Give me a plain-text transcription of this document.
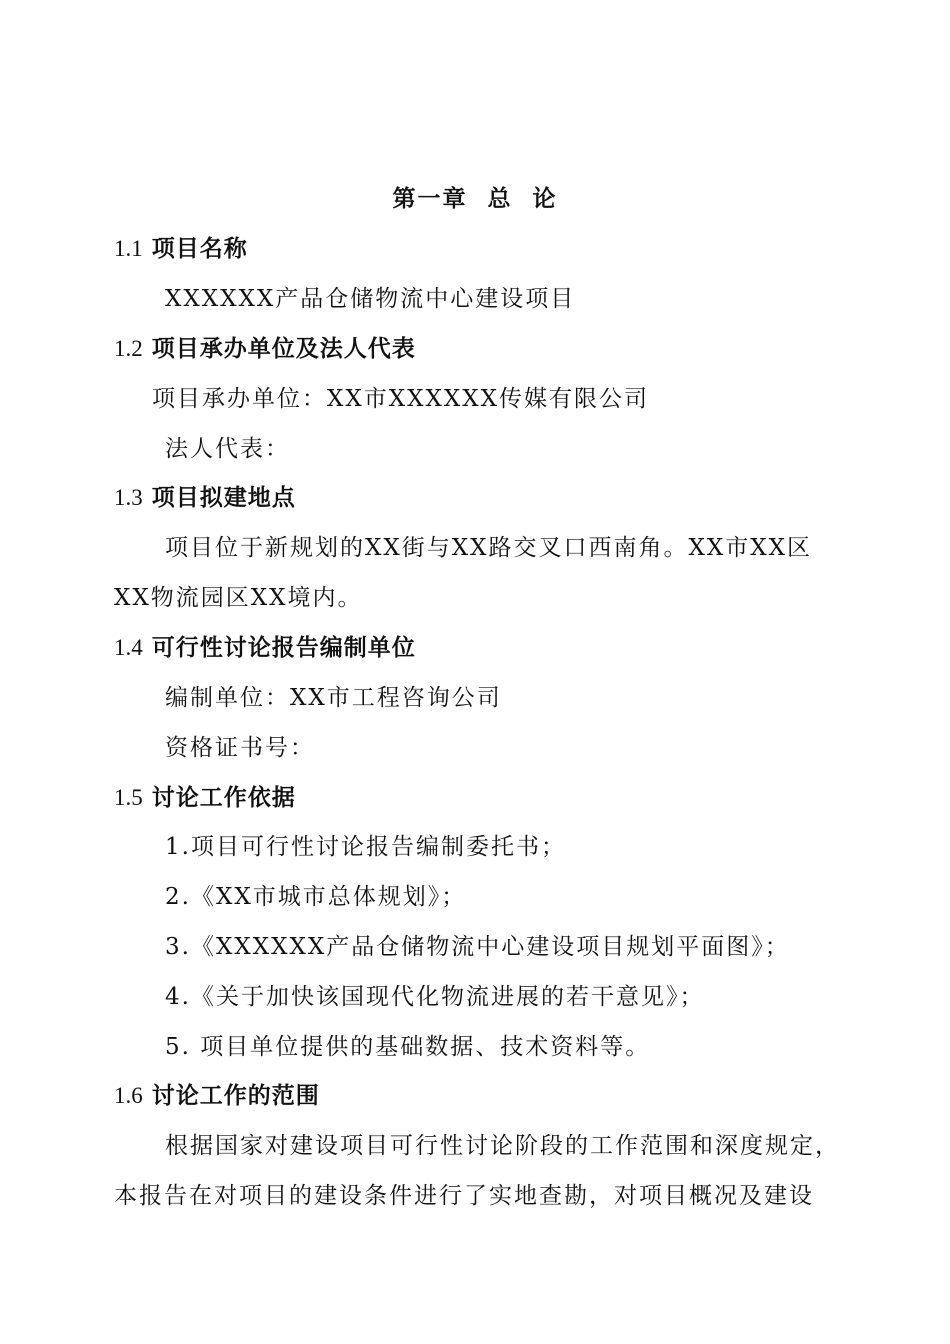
第一章  总  论
1.1 项目名称
XXXXXX产品仓储物流中心建设项目
1.2 项目承办单位及法人代表
项目承办单位：XX市XXXXXX传媒有限公司
法人代表：
1.3 项目拟建地点
项目位于新规划的XX街与XX路交叉口西南角。XX市XX区
XX物流园区XX境内。
1.4 可行性讨论报告编制单位
编制单位：XX市工程咨询公司
资格证书号：
1.5 讨论工作依据
1.项目可行性讨论报告编制委托书；
2.《XX市城市总体规划》；
3.《XXXXXX产品仓储物流中心建设项目规划平面图》；
4.《关于加快该国现代化物流进展的若干意见》；
5. 项目单位提供的基础数据、技术资料等。
1.6 讨论工作的范围
根据国家对建设项目可行性讨论阶段的工作范围和深度规定，
本报告在对项目的建设条件进行了实地查勘，对项目概况及建设
